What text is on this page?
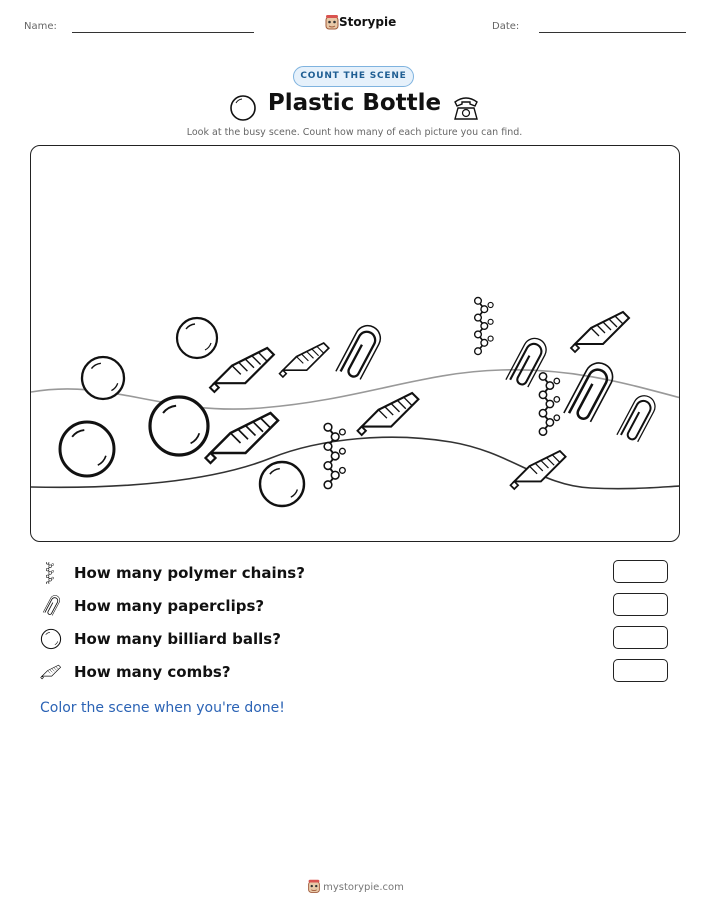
Name:	Storypie	Date:
COUNT THE SCENE
Plastic Bottle
Look at the busy scene. Count how many of each picture you can find.
How many polymer chains?
How many paperclips?
How many billiard balls?
How many combs?
Color the scene when you're done!
mystorypie.com
